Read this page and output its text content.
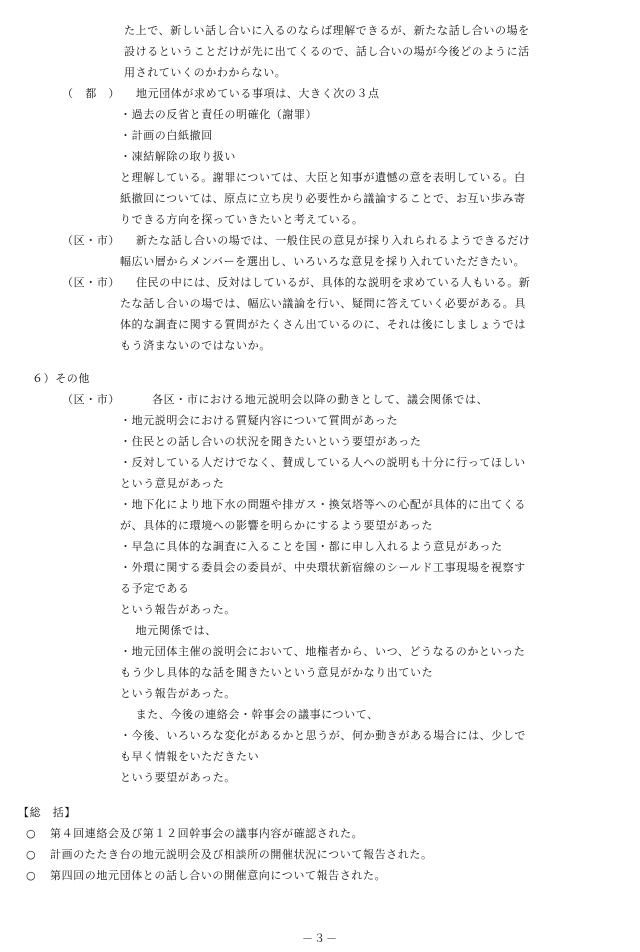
た上で、新しい話し合いに入るのならば理解できるが、新たな話し合いの場を
設けるということだけが先に出てくるので、話し合いの場が今後どのように活
用されていくのかわからない。
（　都　） 地元団体が求めている事項は、大きく次の３点
・過去の反省と責任の明確化（謝罪）
・計画の白紙撤回
・凍結解除の取り扱い
と理解している。謝罪については、大臣と知事が遺憾の意を表明している。白
紙撤回については、原点に立ち戻り必要性から議論することで、お互い歩み寄
りできる方向を探っていきたいと考えている。
（区・市） 新たな話し合いの場では、一般住民の意見が採り入れられるようできるだけ
幅広い層からメンバーを選出し、いろいろな意見を採り入れていただきたい。
（区・市） 住民の中には、反対はしているが、具体的な説明を求めている人もいる。新
たな話し合いの場では、幅広い議論を行い、疑問に答えていく必要がある。具
体的な調査に関する質問がたくさん出ているのに、それは後にしましょうでは
もう済まないのではないか。
６）その他
（区・市）	各区・市における地元説明会以降の動きとして、議会関係では、
・地元説明会における質疑内容について質問があった
・住民との話し合いの状況を聞きたいという要望があった
・反対している人だけでなく、賛成している人への説明も十分に行ってほしい
という意見があった
・地下化により地下水の問題や排ガス・換気塔等への心配が具体的に出てくる
が、具体的に環境への影響を明らかにするよう要望があった
・早急に具体的な調査に入ることを国・都に申し入れるよう意見があった
・外環に関する委員会の委員が、中央環状新宿線のシールド工事現場を視察す
る予定である
という報告があった。
　地元関係では、
・地元団体主催の説明会において、地権者から、いつ、どうなるのかといった
もう少し具体的な話を聞きたいという意見がかなり出ていた
という報告があった。
　また、今後の連絡会・幹事会の議事について、
・今後、いろいろな変化があるかと思うが、何か動きがある場合には、少しで
も早く情報をいただきたい
という要望があった。
【総　括】
○ 第４回連絡会及び第１２回幹事会の議事内容が確認された。
○ 計画のたたき台の地元説明会及び相談所の開催状況について報告された。
○ 第四回の地元団体との話し合いの開催意向について報告された。
－３－
